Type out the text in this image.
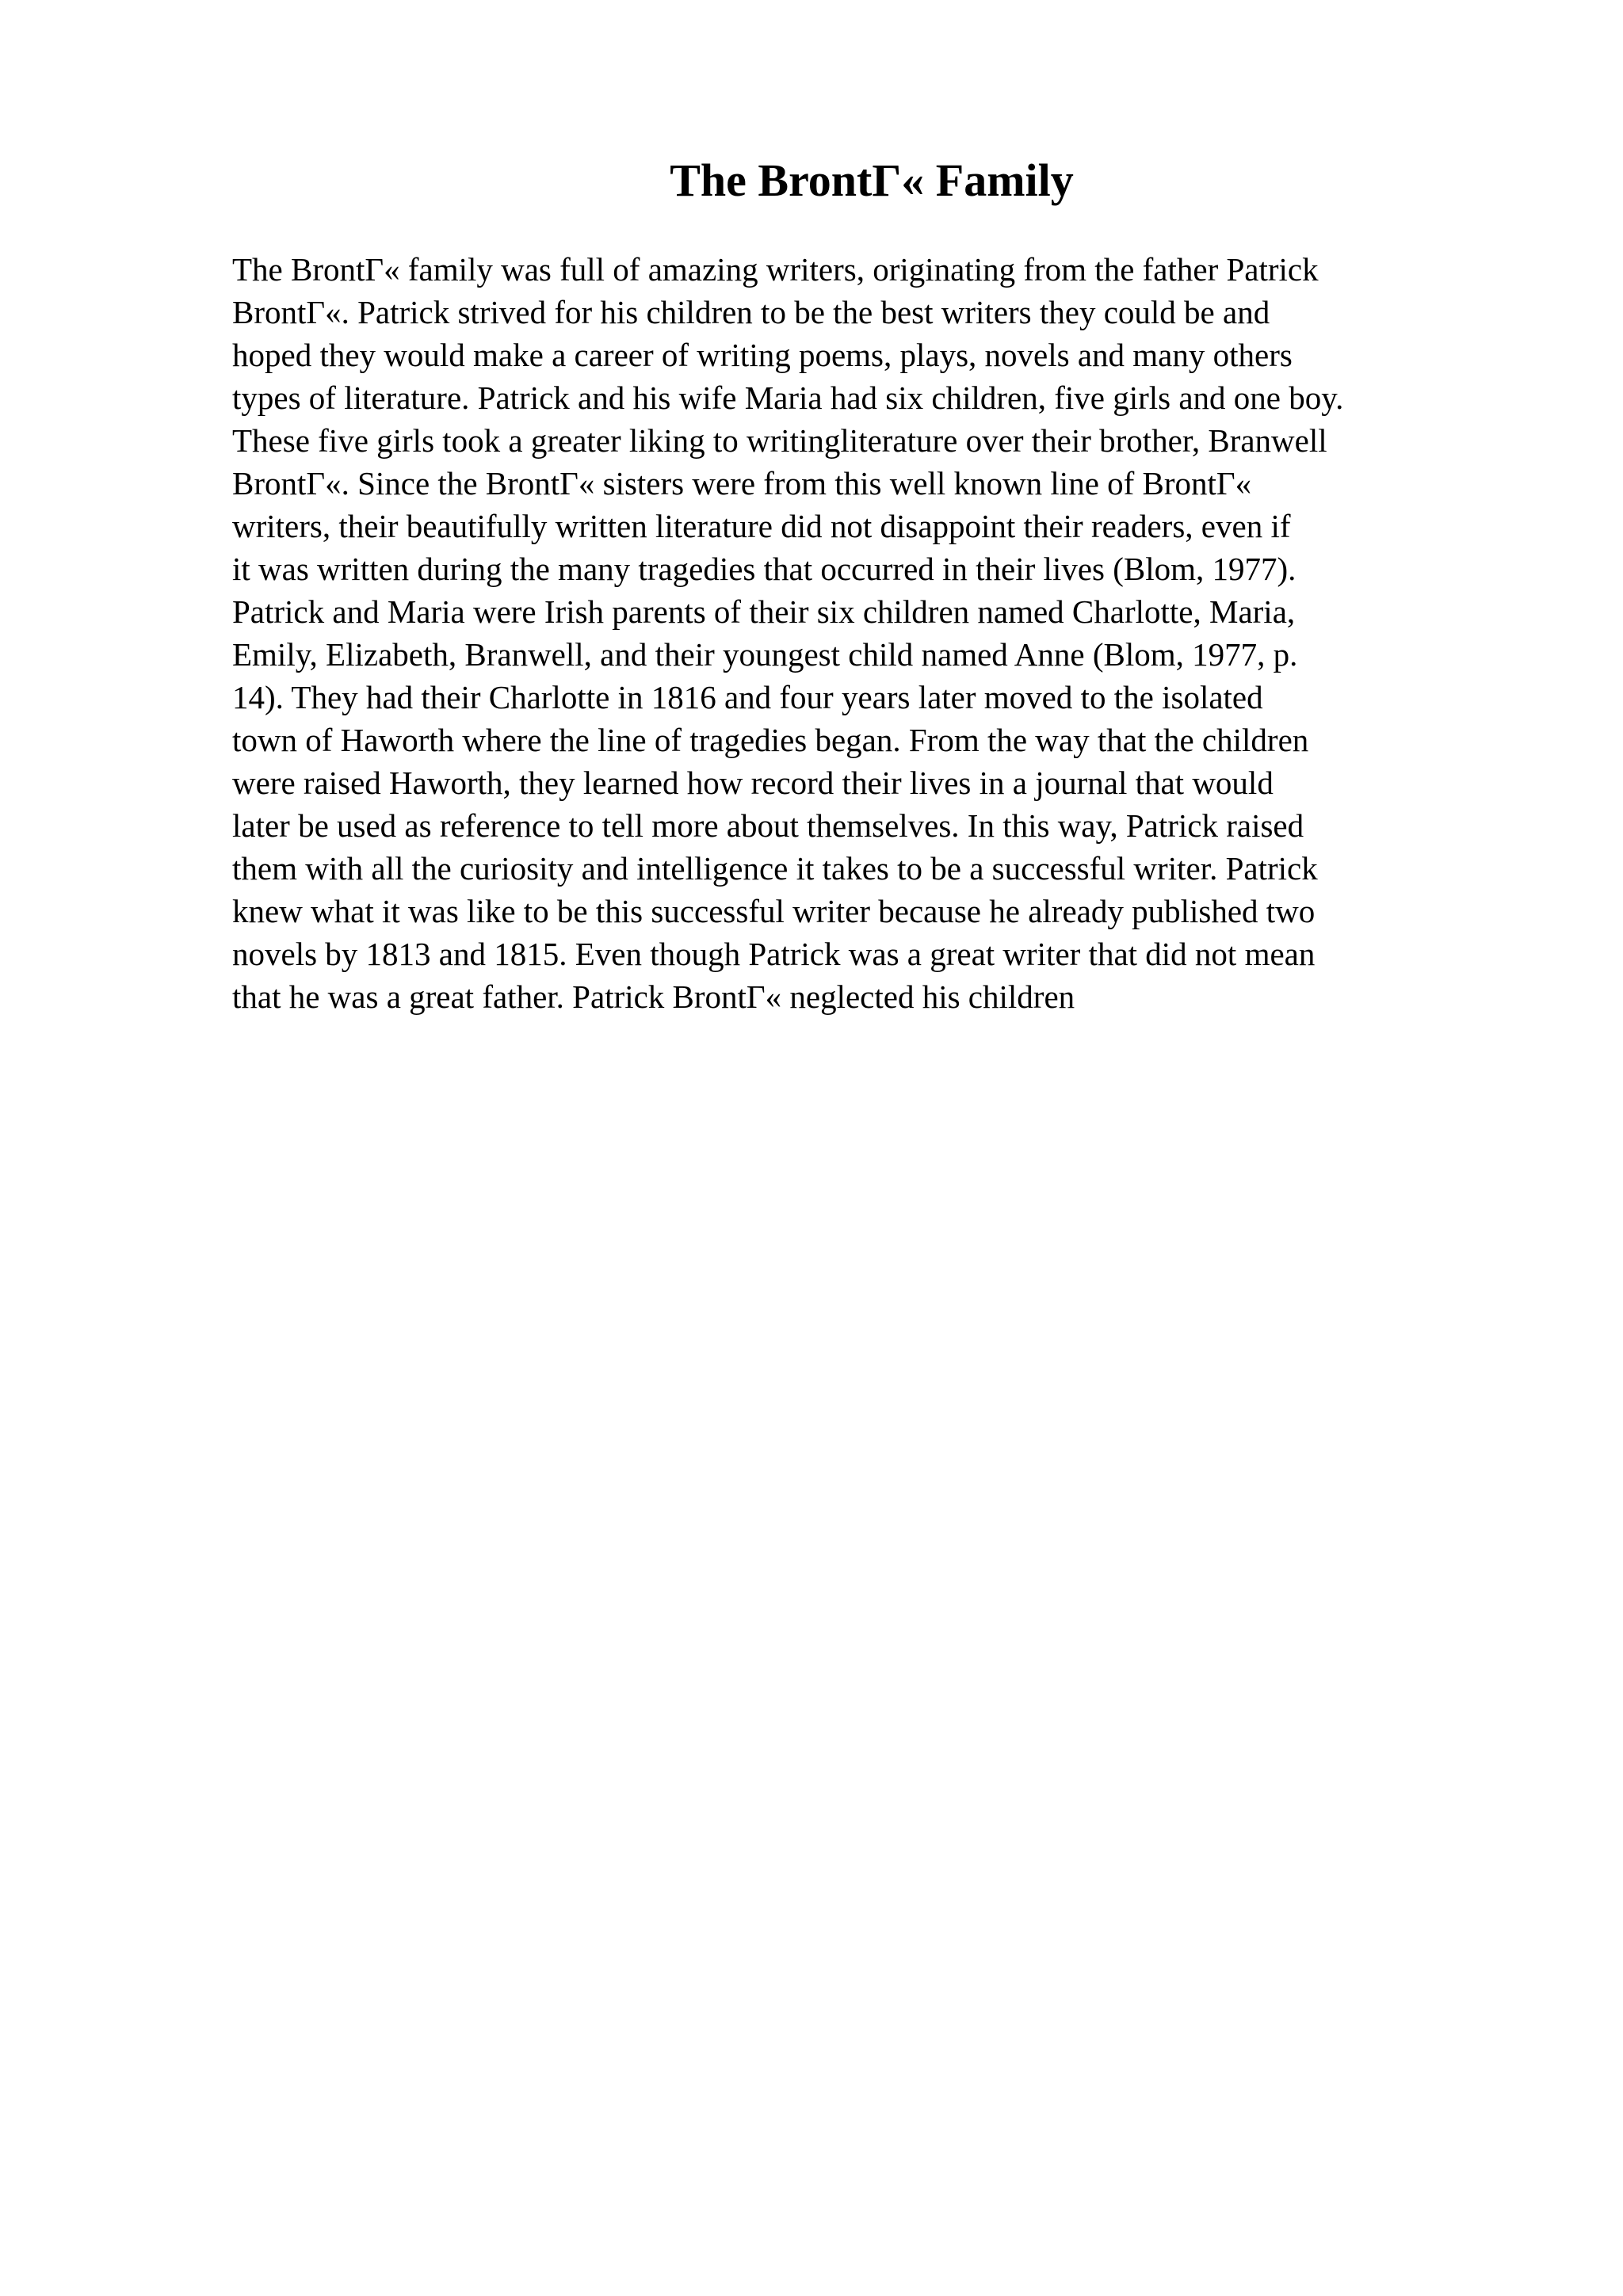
The BrontΓ« Family
The BrontΓ« family was full of amazing writers, originating from the father Patrick
BrontΓ«. Patrick strived for his children to be the best writers they could be and
hoped they would make a career of writing poems, plays, novels and many others
types of literature. Patrick and his wife Maria had six children, five girls and one boy.
These five girls took a greater liking to writingliterature over their brother, Branwell
BrontΓ«. Since the BrontΓ« sisters were from this well known line of BrontΓ«
writers, their beautifully written literature did not disappoint their readers, even if
it was written during the many tragedies that occurred in their lives (Blom, 1977).
Patrick and Maria were Irish parents of their six children named Charlotte, Maria,
Emily, Elizabeth, Branwell, and their youngest child named Anne (Blom, 1977, p.
14). They had their Charlotte in 1816 and four years later moved to the isolated
town of Haworth where the line of tragedies began. From the way that the children
were raised Haworth, they learned how record their lives in a journal that would
later be used as reference to tell more about themselves. In this way, Patrick raised
them with all the curiosity and intelligence it takes to be a successful writer. Patrick
knew what it was like to be this successful writer because he already published two
novels by 1813 and 1815. Even though Patrick was a great writer that did not mean
that he was a great father. Patrick BrontΓ« neglected his children
